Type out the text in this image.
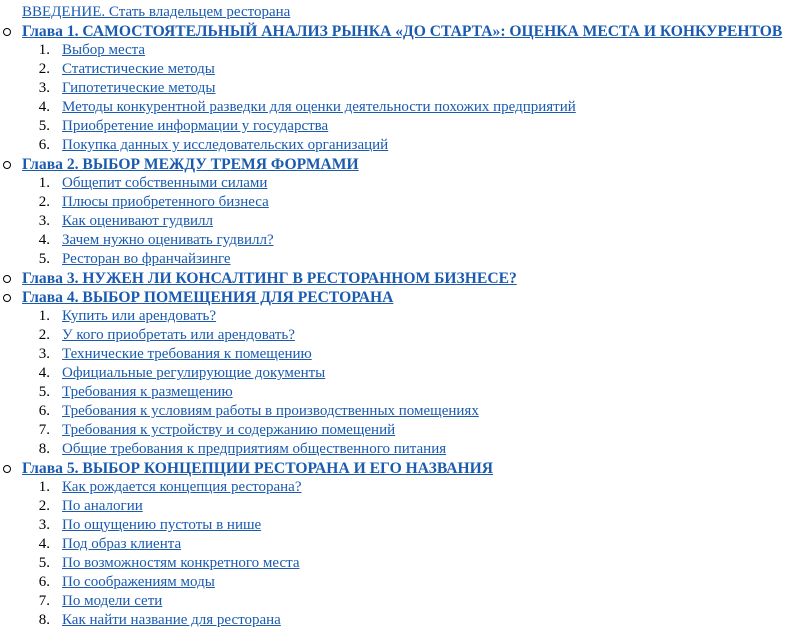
ВВЕДЕНИЕ. Стать владельцем ресторана
Глава 1. САМОСТОЯТЕЛЬНЫЙ АНАЛИЗ РЫНКА «ДО СТАРТА»: ОЦЕНКА МЕСТА И КОНКУРЕНТОВ
1. Выбор места
2. Статистические методы
3. Гипотетические методы
4. Методы конкурентной разведки для оценки деятельности похожих предприятий
5. Приобретение информации у государства
6. Покупка данных у исследовательских организаций
Глава 2. ВЫБОР МЕЖДУ ТРЕМЯ ФОРМАМИ
1. Общепит собственными силами
2. Плюсы приобретенного бизнеса
3. Как оценивают гудвилл
4. Зачем нужно оценивать гудвилл?
5. Ресторан во франчайзинге
Глава 3. НУЖЕН ЛИ КОНСАЛТИНГ В РЕСТОРАННОМ БИЗНЕСЕ?
Глава 4. ВЫБОР ПОМЕЩЕНИЯ ДЛЯ РЕСТОРАНА
1. Купить или арендовать?
2. У кого приобретать или арендовать?
3. Технические требования к помещению
4. Официальные регулирующие документы
5. Требования к размещению
6. Требования к условиям работы в производственных помещениях
7. Требования к устройству и содержанию помещений
8. Общие требования к предприятиям общественного питания
Глава 5. ВЫБОР КОНЦЕПЦИИ РЕСТОРАНА И ЕГО НАЗВАНИЯ
1. Как рождается концепция ресторана?
2. По аналогии
3. По ощущению пустоты в нише
4. Под образ клиента
5. По возможностям конкретного места
6. По соображениям моды
7. По модели сети
8. Как найти название для ресторана
